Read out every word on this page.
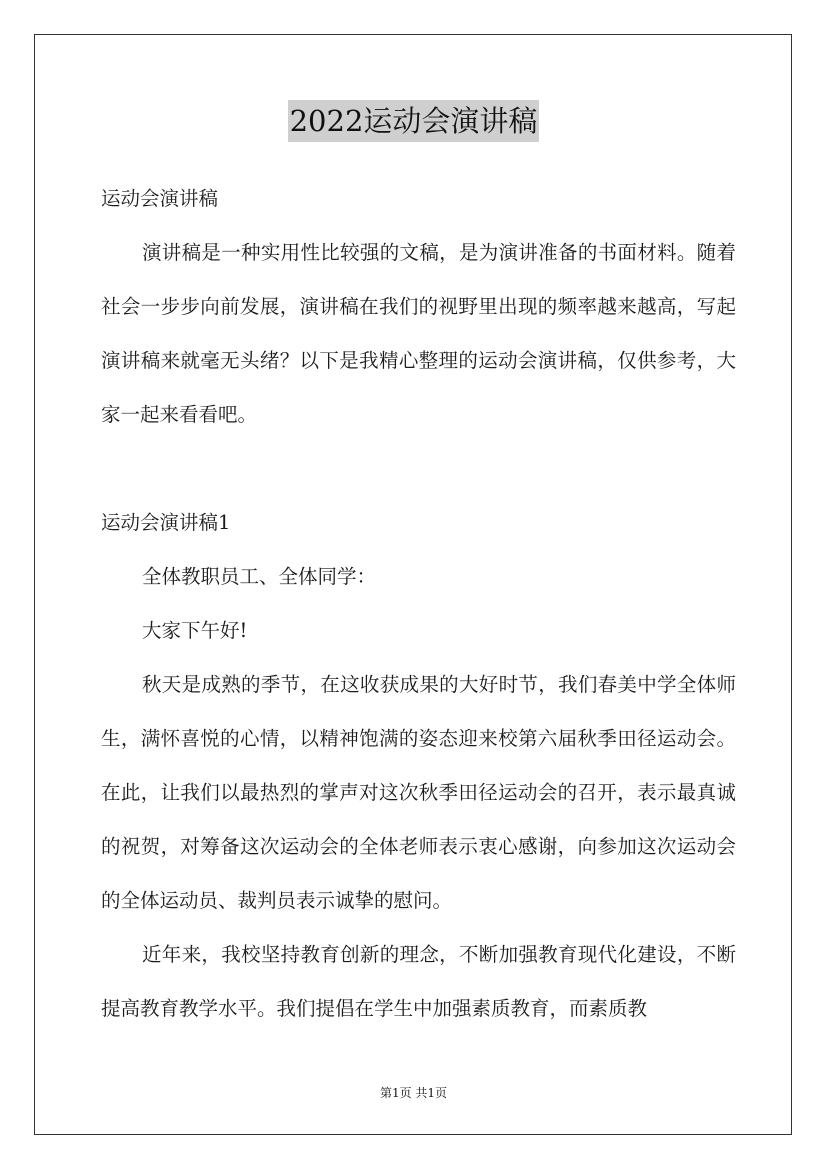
2022运动会演讲稿

运动会演讲稿

演讲稿是一种实用性比较强的文稿，是为演讲准备的书面材料。随着社会一步步向前发展，演讲稿在我们的视野里出现的频率越来越高，写起演讲稿来就毫无头绪？以下是我精心整理的运动会演讲稿，仅供参考，大家一起来看看吧。

运动会演讲稿1

全体教职员工、全体同学：

大家下午好!

秋天是成熟的季节，在这收获成果的大好时节，我们春美中学全体师生，满怀喜悦的心情，以精神饱满的姿态迎来校第六届秋季田径运动会。在此，让我们以最热烈的掌声对这次秋季田径运动会的召开，表示最真诚的祝贺，对筹备这次运动会的全体老师表示衷心感谢，向参加这次运动会的全体运动员、裁判员表示诚挚的慰问。

近年来，我校坚持教育创新的理念，不断加强教育现代化建设，不断提高教育教学水平。我们提倡在学生中加强素质教育，而素质教

第1页 共1页
